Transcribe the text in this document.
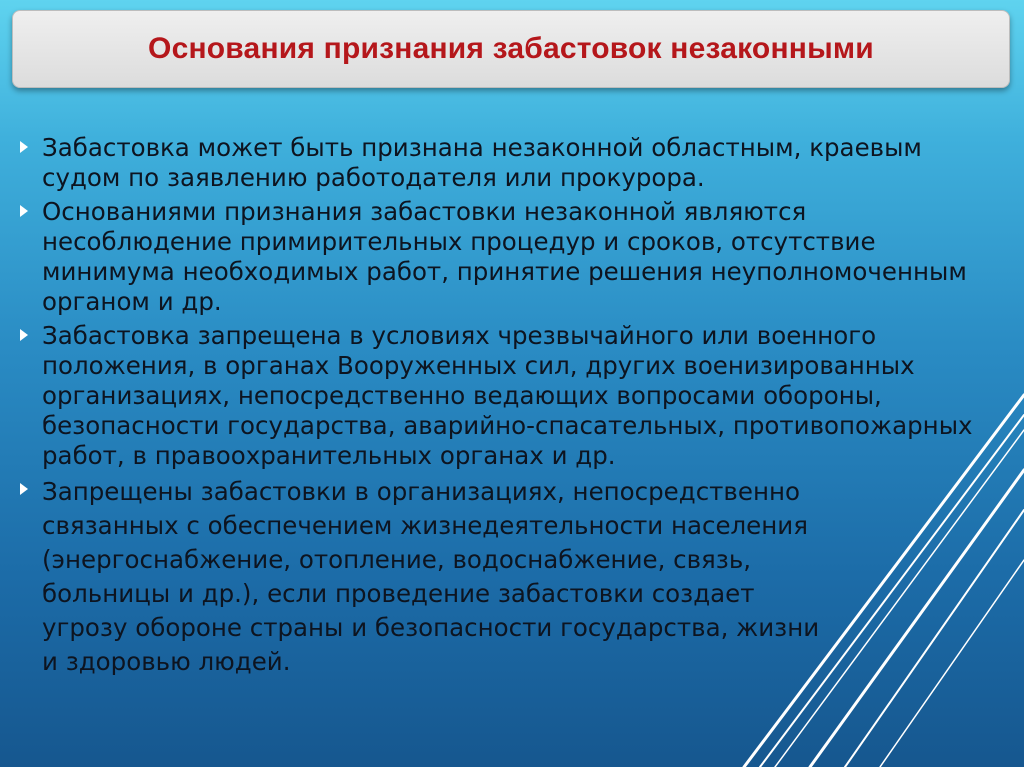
Основания признания забастовок незаконными
Забастовка может быть признана незаконной областным, краевым судом по заявлению работодателя или прокурора.
Основаниями признания забастовки незаконной являются несоблюдение примирительных процедур и сроков, отсутствие минимума необходимых работ, принятие решения неуполномоченным органом и др.
Забастовка запрещена в условиях чрезвычайного или военного положения, в органах Вооруженных сил, других военизированных организациях, непосредственно ведающих вопросами обороны, безопасности государства, аварийно-спасательных, противопожарных работ, в правоохранительных органах и др.
Запрещены забастовки в организациях, непосредственно связанных с обеспечением жизнедеятельности населения (энергоснабжение, отопление, водоснабжение, связь, больницы и др.), если проведение забастовки создает угрозу обороне страны и безопасности государства, жизни и здоровью людей.
